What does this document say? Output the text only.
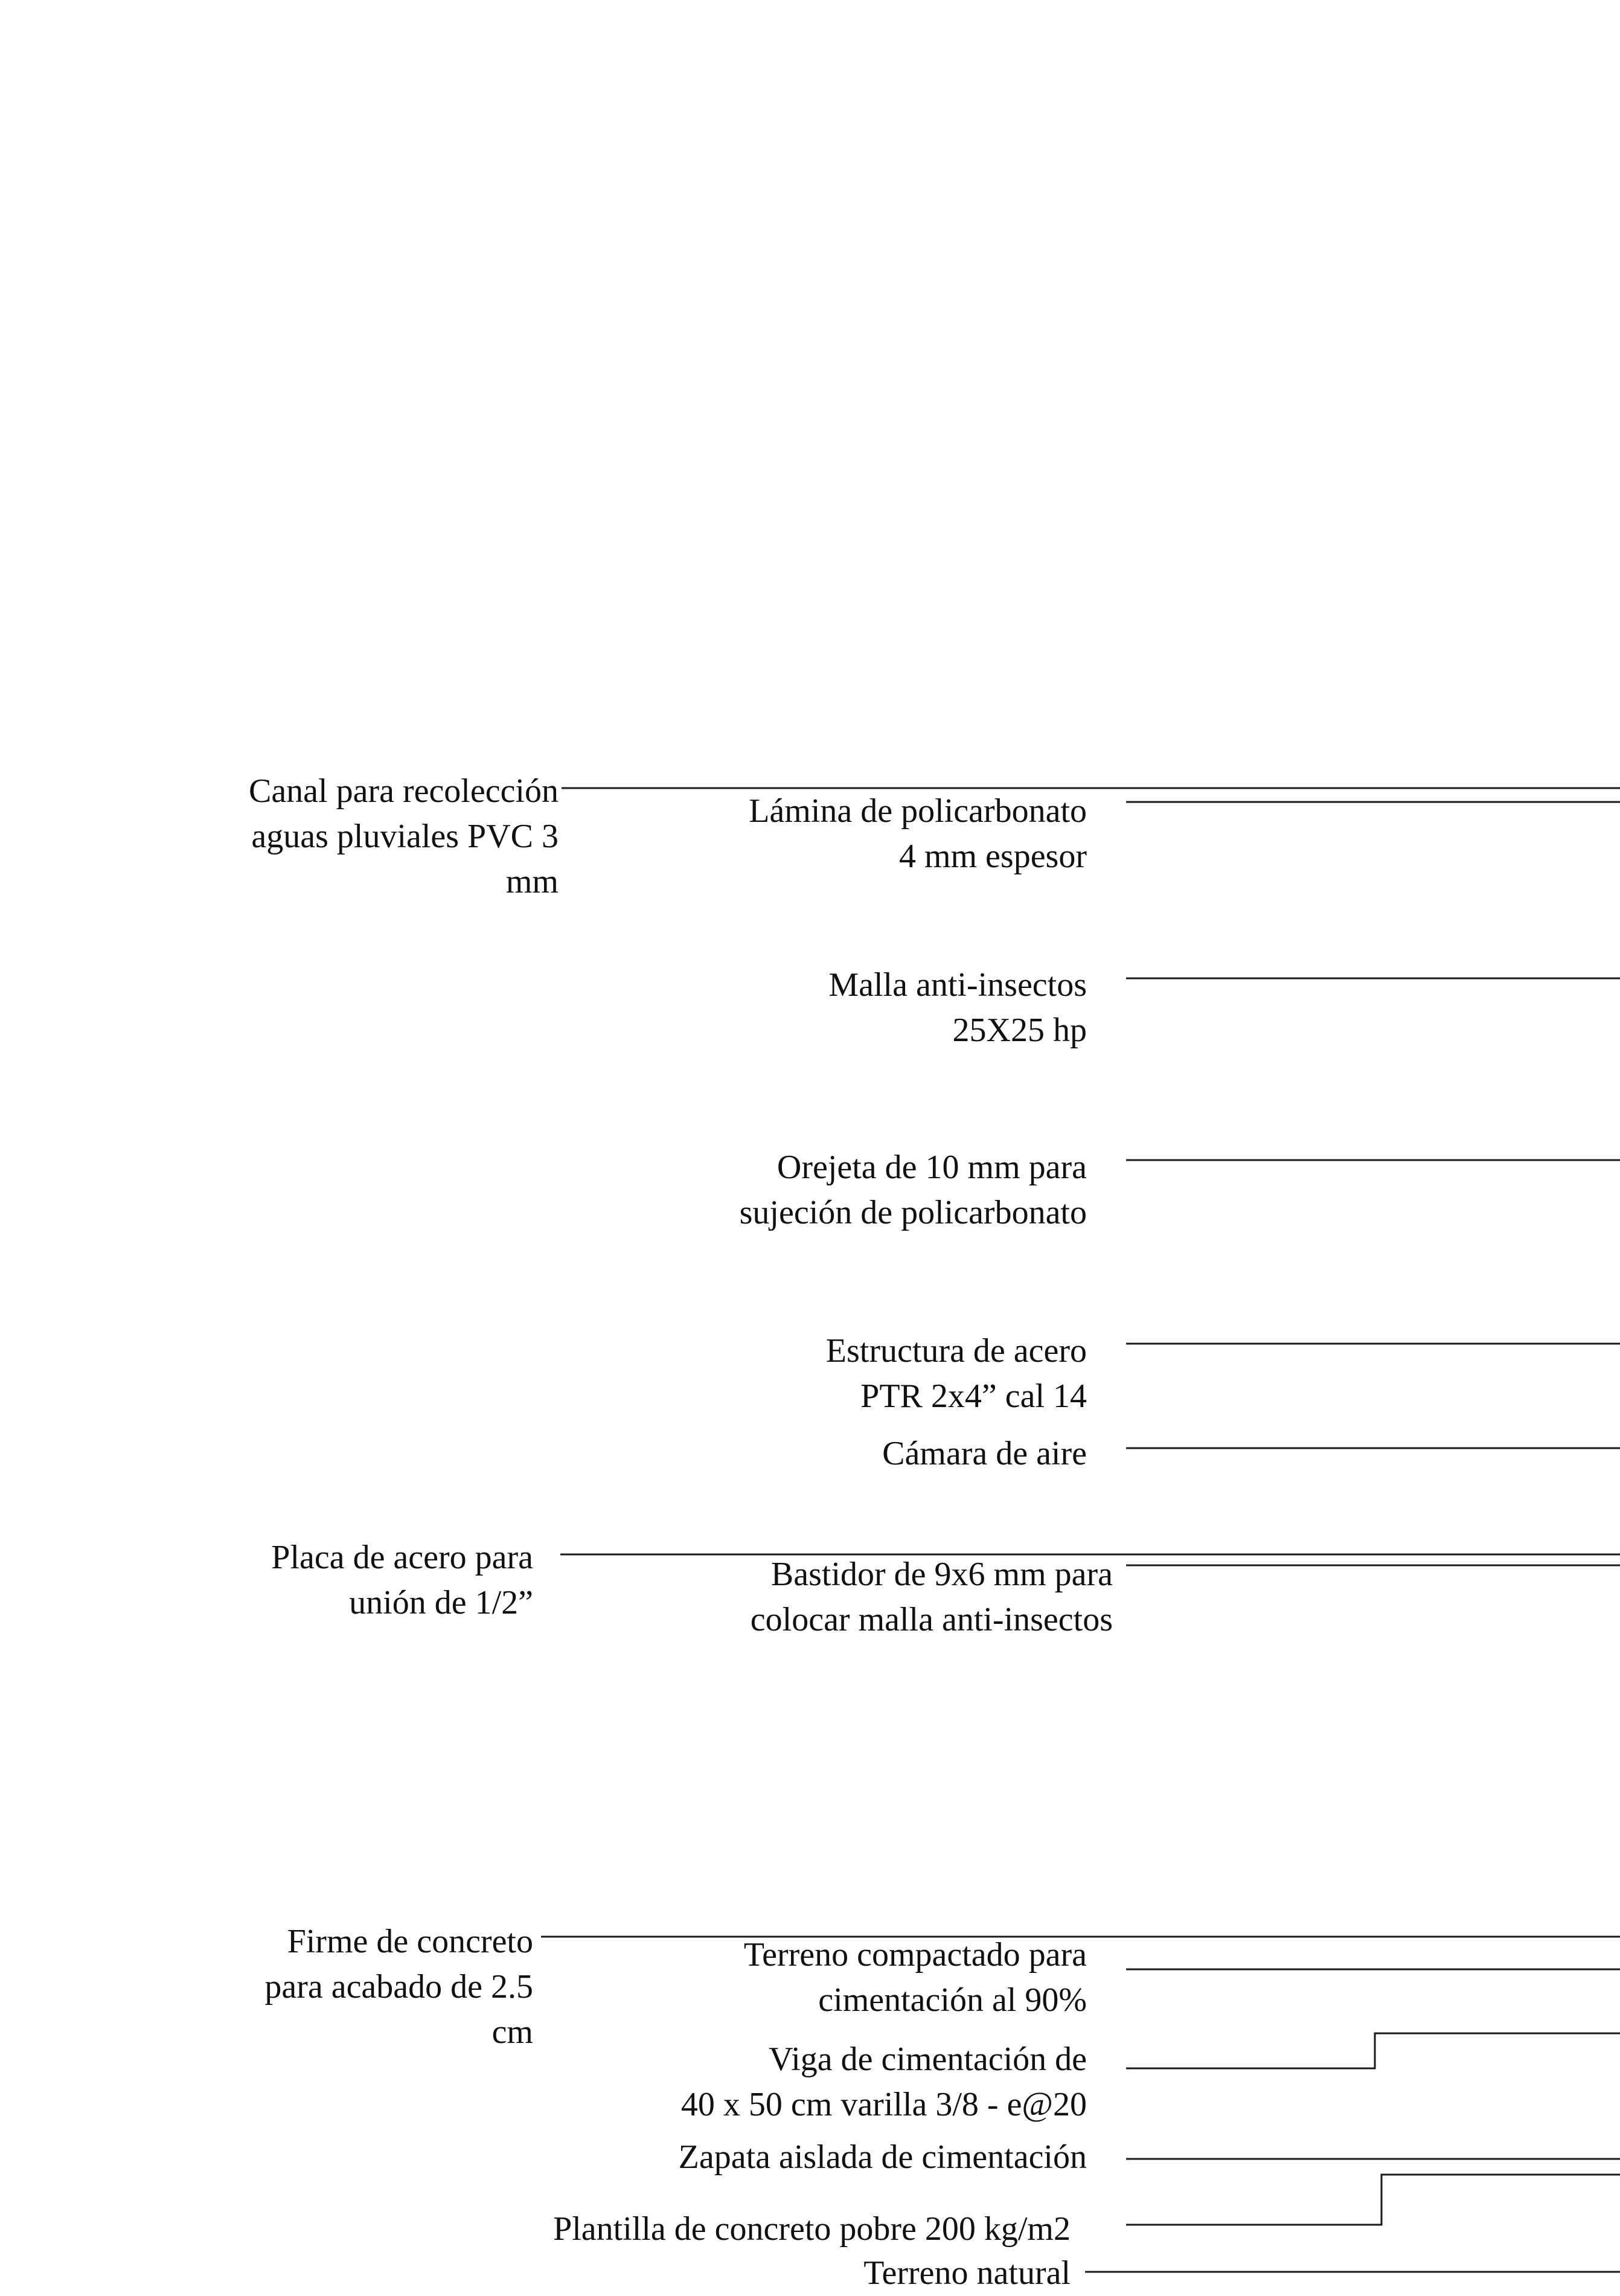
Canal para recolección
aguas pluviales PVC 3
mm
Placa de acero para
unión de 1/2”
Firme de concreto
para acabado de 2.5
cm
Lámina de policarbonato
4 mm espesor
Malla anti-insectos
25X25 hp
Orejeta de 10 mm para
sujeción de policarbonato
Estructura de acero
PTR 2x4” cal 14
Cámara de aire
Bastidor de 9x6 mm para
colocar malla anti-insectos
Terreno compactado para
cimentación al 90%
Viga de cimentación de
40 x 50 cm varilla 3/8 - e@20
Zapata aislada de cimentación
Plantilla de concreto pobre 200 kg/m2
Terreno natural
